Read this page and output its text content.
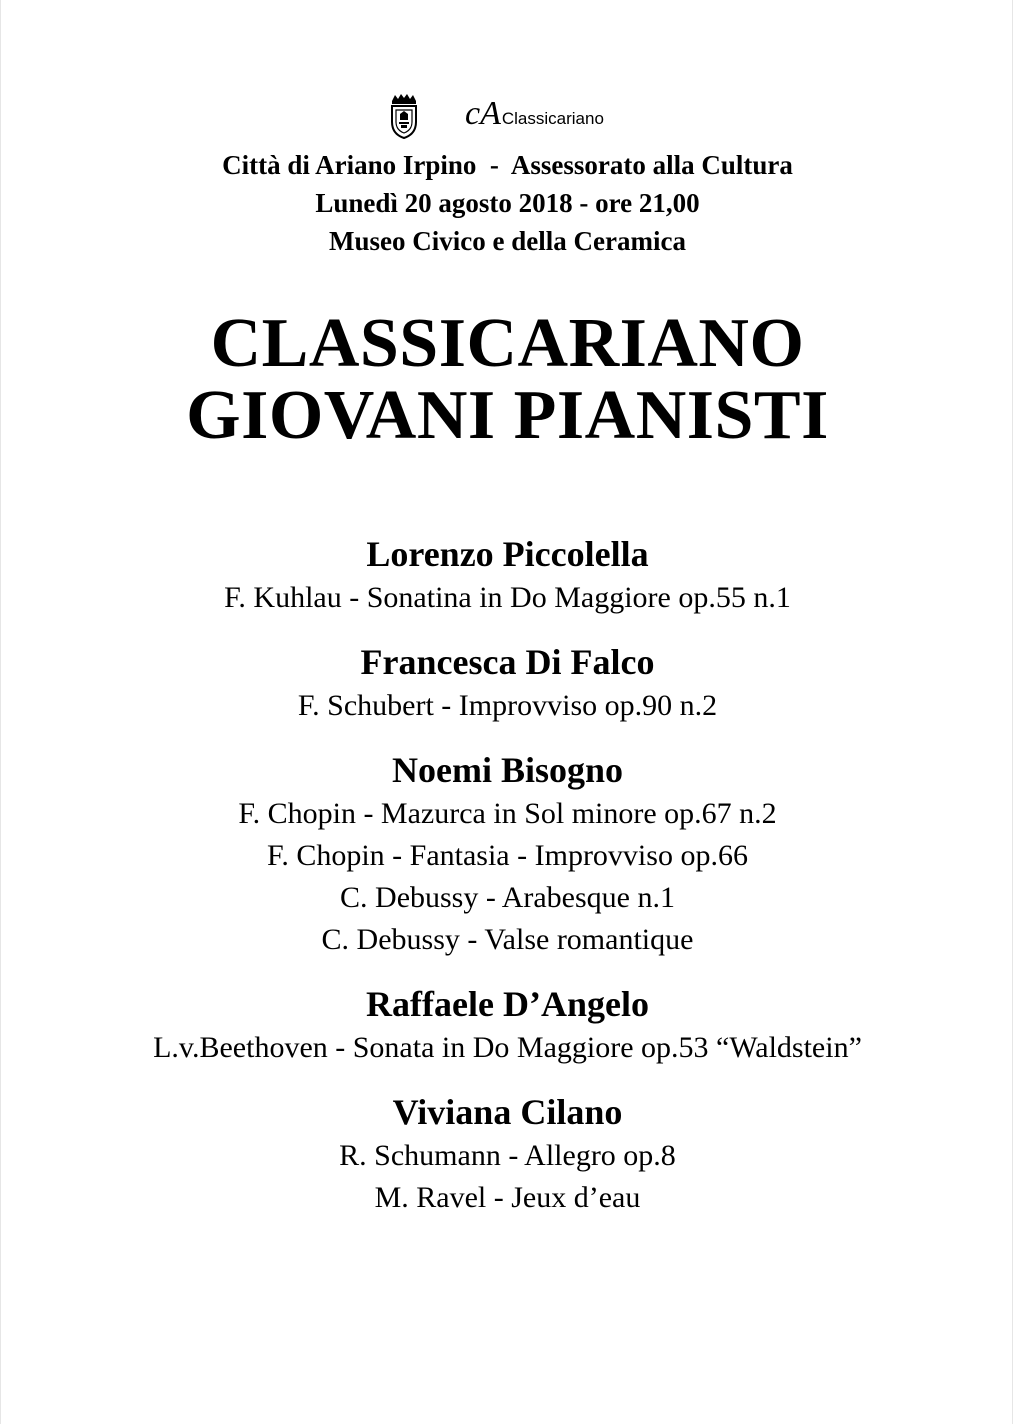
cAClassicariano
Città di Ariano Irpino  -  Assessorato alla Cultura
Lunedì 20 agosto 2018 - ore 21,00
Museo Civico e della Ceramica
CLASSICARIANO
GIOVANI PIANISTI
Lorenzo Piccolella
F. Kuhlau - Sonatina in Do Maggiore op.55 n.1
Francesca Di Falco
F. Schubert - Improvviso op.90 n.2
Noemi Bisogno
F. Chopin - Mazurca in Sol minore op.67 n.2
F. Chopin - Fantasia - Improvviso op.66
C. Debussy - Arabesque n.1
C. Debussy - Valse romantique
Raffaele D’Angelo
L.v.Beethoven - Sonata in Do Maggiore op.53 “Waldstein”
Viviana Cilano
R. Schumann - Allegro op.8
M. Ravel - Jeux d’eau
